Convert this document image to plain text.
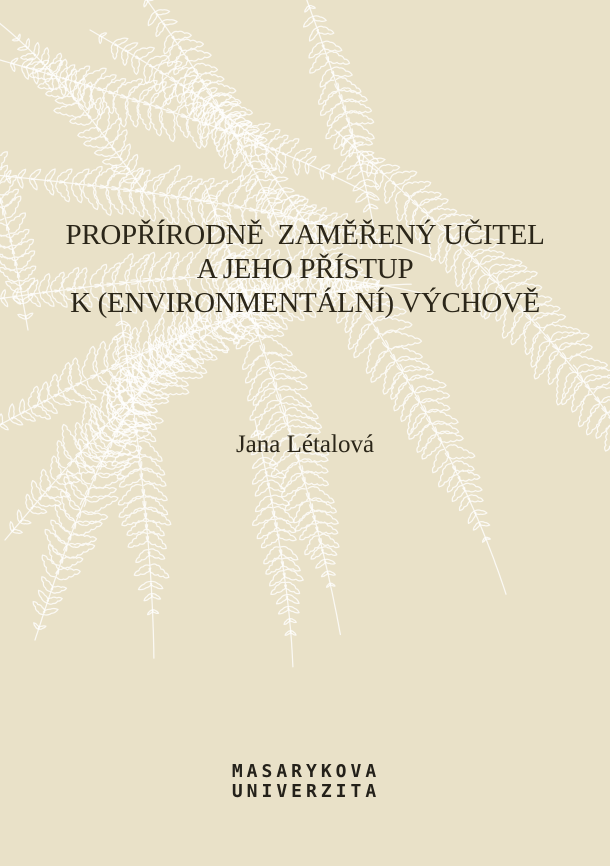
PROPŘÍRODNĚ  ZAMĚŘENÝ UČITEL
A JEHO PŘÍSTUP
K (ENVIRONMENTÁLNÍ) VÝCHOVĚ
Jana Létalová
MASARYKOVA
UNIVERZITA
